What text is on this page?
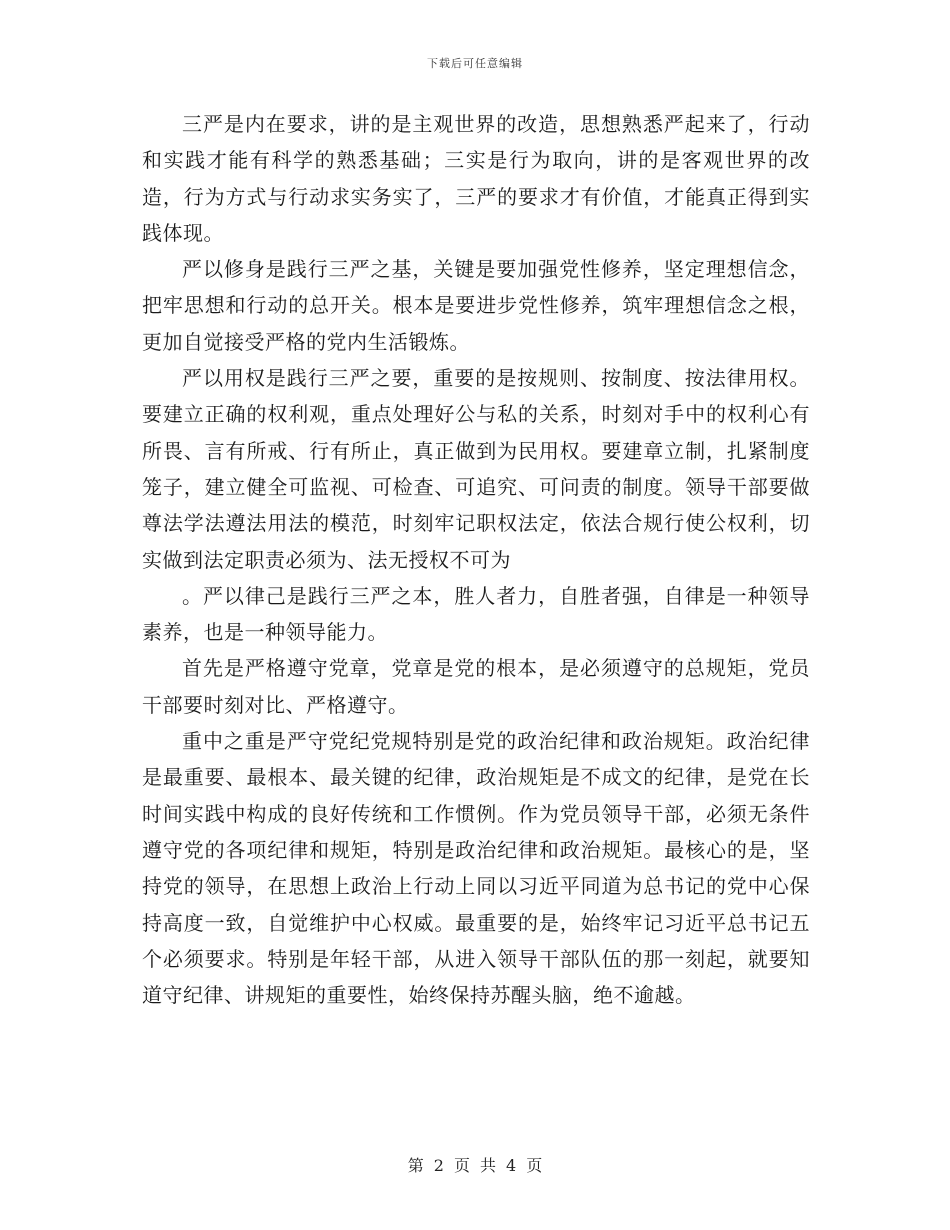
下载后可任意编辑

三严是内在要求，讲的是主观世界的改造，思想熟悉严起来了，行动和实践才能有科学的熟悉基础；三实是行为取向，讲的是客观世界的改造，行为方式与行动求实务实了，三严的要求才有价值，才能真正得到实践体现。

严以修身是践行三严之基，关键是要加强党性修养，坚定理想信念，把牢思想和行动的总开关。根本是要进步党性修养，筑牢理想信念之根，更加自觉接受严格的党内生活锻炼。

严以用权是践行三严之要，重要的是按规则、按制度、按法律用权。要建立正确的权利观，重点处理好公与私的关系，时刻对手中的权利心有所畏、言有所戒、行有所止，真正做到为民用权。要建章立制，扎紧制度笼子，建立健全可监视、可检查、可追究、可问责的制度。领导干部要做尊法学法遵法用法的模范，时刻牢记职权法定，依法合规行使公权利，切实做到法定职责必须为、法无授权不可为

。严以律己是践行三严之本，胜人者力，自胜者强，自律是一种领导素养，也是一种领导能力。

首先是严格遵守党章，党章是党的根本，是必须遵守的总规矩，党员干部要时刻对比、严格遵守。

重中之重是严守党纪党规特别是党的政治纪律和政治规矩。政治纪律是最重要、最根本、最关键的纪律，政治规矩是不成文的纪律，是党在长时间实践中构成的良好传统和工作惯例。作为党员领导干部，必须无条件遵守党的各项纪律和规矩，特别是政治纪律和政治规矩。最核心的是，坚持党的领导，在思想上政治上行动上同以习近平同道为总书记的党中心保持高度一致，自觉维护中心权威。最重要的是，始终牢记习近平总书记五个必须要求。特别是年轻干部，从进入领导干部队伍的那一刻起，就要知道守纪律、讲规矩的重要性，始终保持苏醒头脑，绝不逾越。

第 2 页 共 4 页
